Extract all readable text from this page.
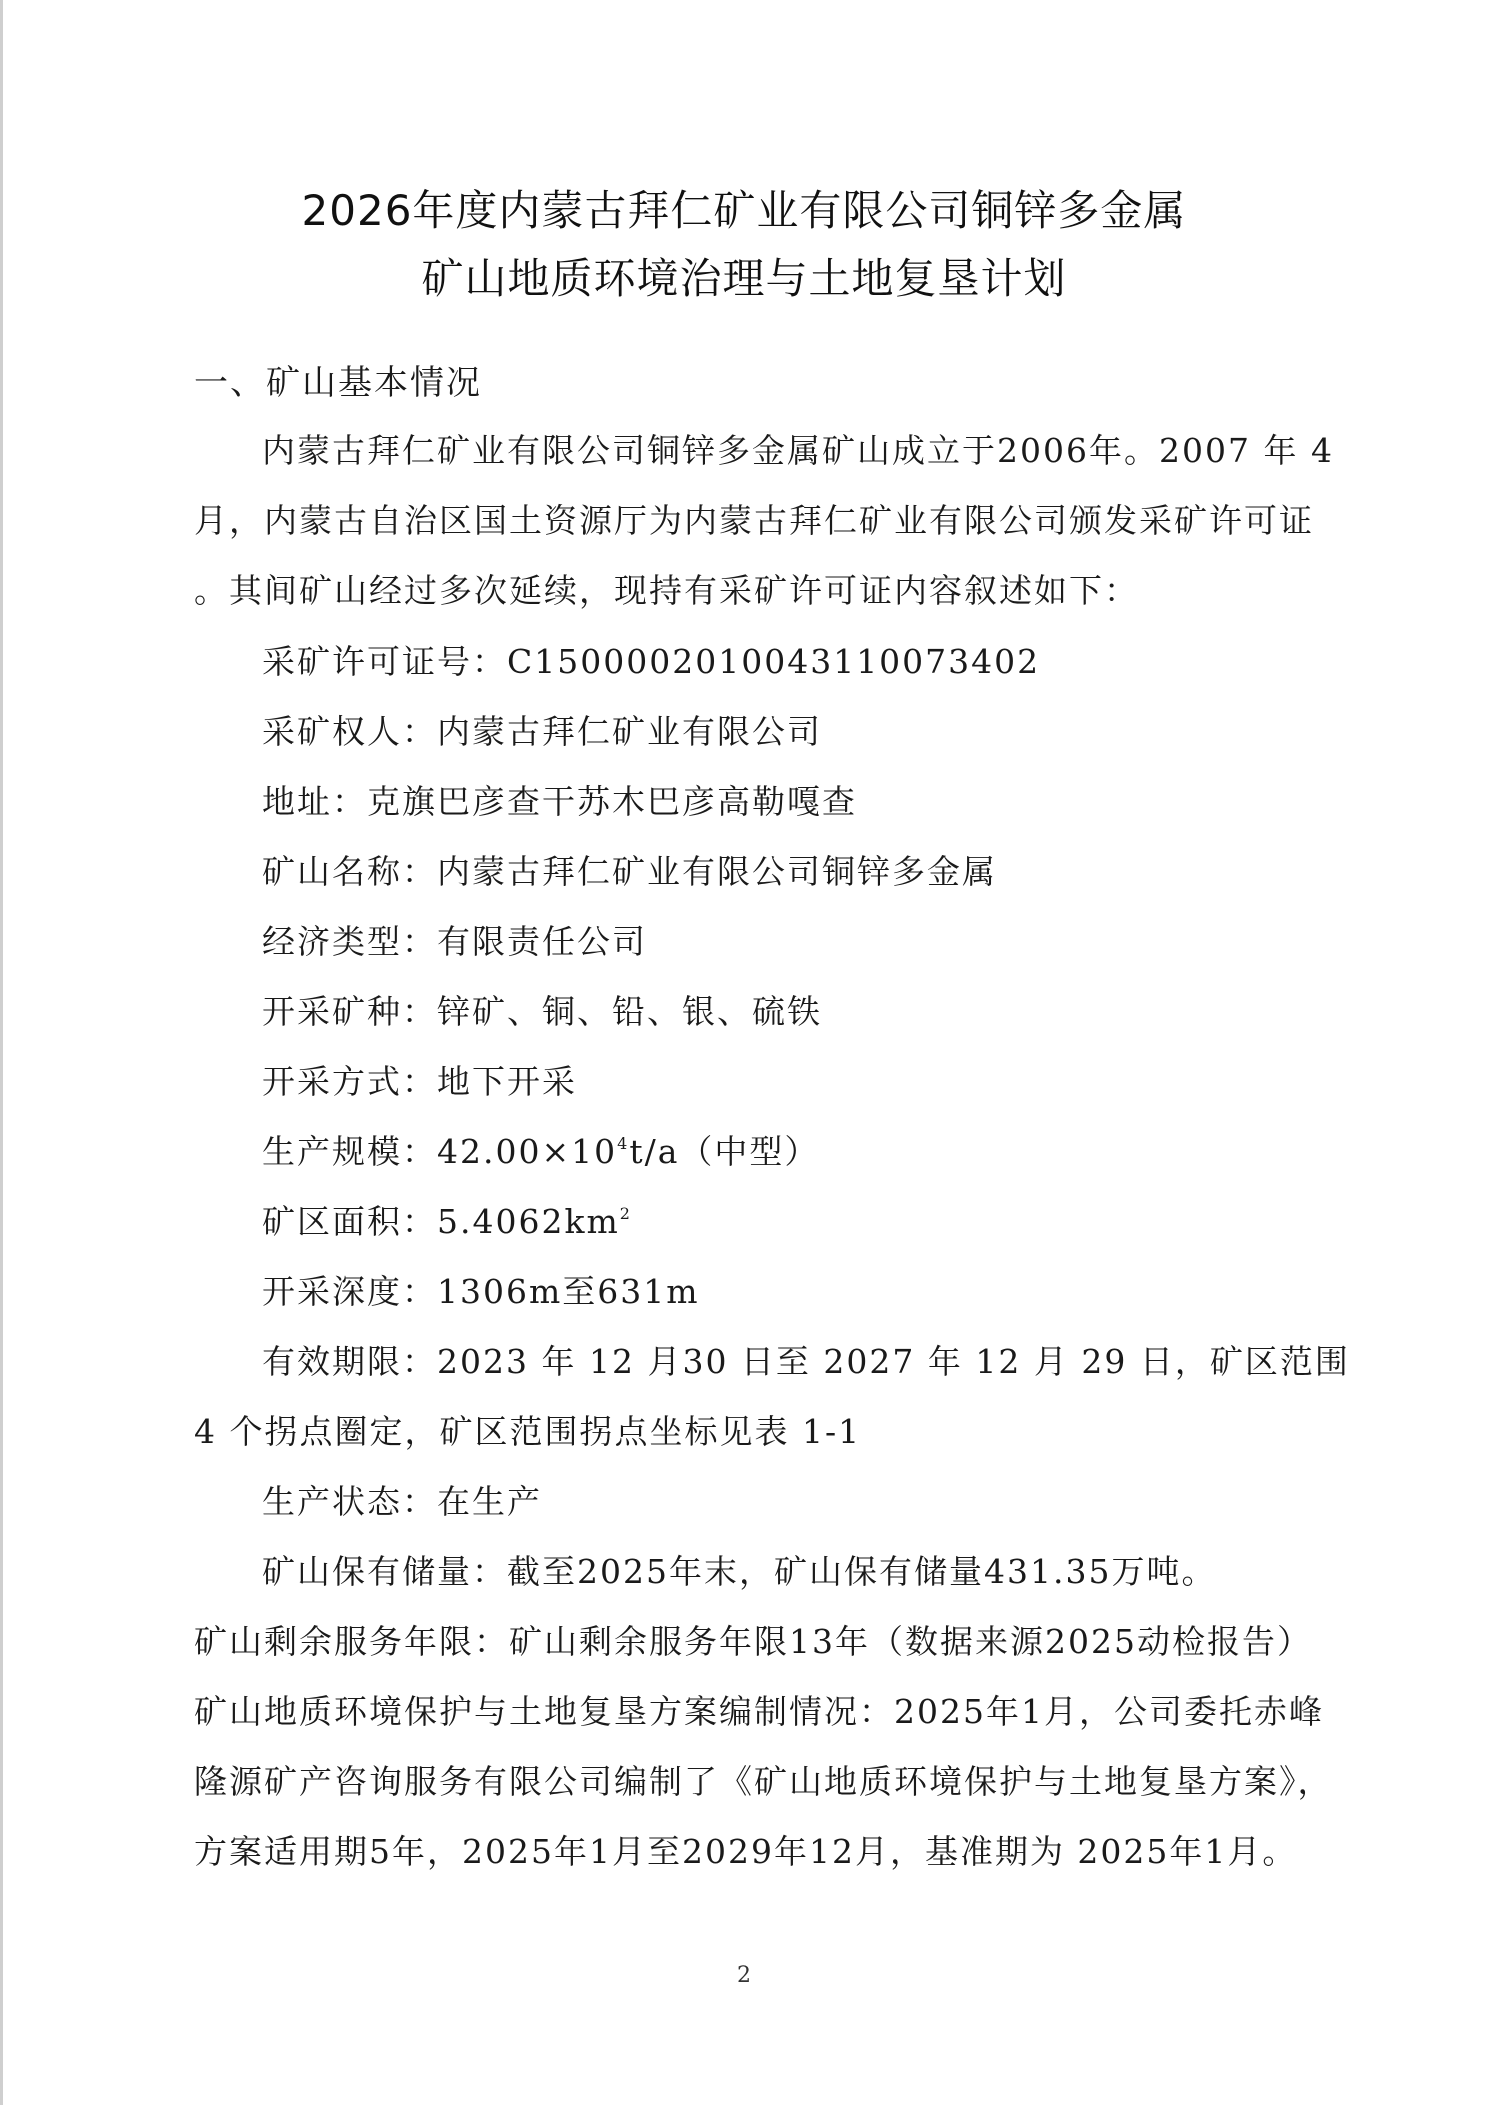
2026年度内蒙古拜仁矿业有限公司铜锌多金属
矿山地质环境治理与土地复垦计划
一、矿山基本情况
内蒙古拜仁矿业有限公司铜锌多金属矿山成立于2006年。2007 年 4
月，内蒙古自治区国土资源厅为内蒙古拜仁矿业有限公司颁发采矿许可证
。其间矿山经过多次延续，现持有采矿许可证内容叙述如下：
采矿许可证号：C1500002010043110073402
采矿权人：内蒙古拜仁矿业有限公司
地址：克旗巴彦查干苏木巴彦高勒嘎查
矿山名称：内蒙古拜仁矿业有限公司铜锌多金属
经济类型：有限责任公司
开采矿种：锌矿、铜、铅、银、硫铁
开采方式：地下开采
生产规模：$42.00\times 10^4t/a$（中型）
矿区面积：$5.4062km^2$
开采深度：1306m至631m
有效期限：2023 年 12 月30 日至 2027 年 12 月 29 日，矿区范围
4 个拐点圈定，矿区范围拐点坐标见表 1-1
生产状态：在生产
矿山保有储量：截至2025年末，矿山保有储量431.35万吨。
矿山剩余服务年限：矿山剩余服务年限13年（数据来源2025动检报告）
矿山地质环境保护与土地复垦方案编制情况：2025年1月，公司委托赤峰
隆源矿产咨询服务有限公司编制了《矿山地质环境保护与土地复垦方案》，
方案适用期5年，2025年1月至2029年12月，基准期为 2025年1月。
2
